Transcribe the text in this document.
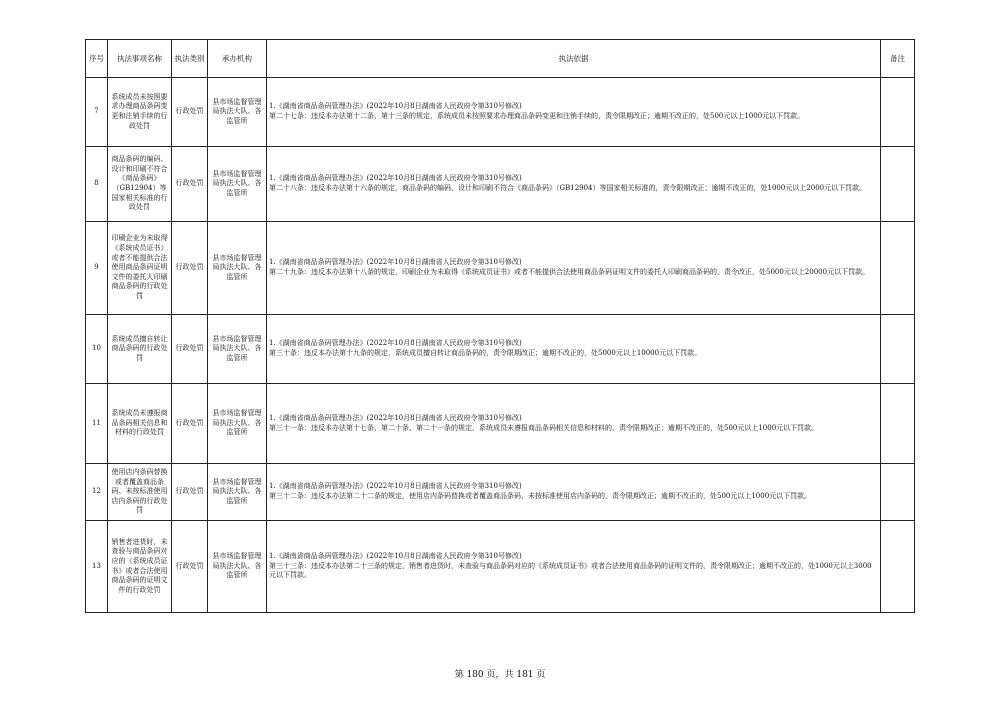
序号	执法事项名称	执法类别	承办机构	执法依据	备注
7	系统成员未按照要求办理商品条码变更和注销手续的行政处罚	行政处罚	县市场监督管理局执法大队、各监管所	1.《湖南省商品条码管理办法》(2022年10月8日湖南省人民政府令第310号修改)
第二十七条：违反本办法第十二条、第十三条的规定，系统成员未按照要求办理商品条码变更和注销手续的，责令限期改正；逾期不改正的，处500元以上1000元以下罚款。	

8	商品条码的编码、设计和印刷不符合《商品条码》（GB12904）等国家相关标准的行政处罚	行政处罚	县市场监督管理局执法大队、各监管所	1.《湖南省商品条码管理办法》(2022年10月8日湖南省人民政府令第310号修改)
第二十八条：违反本办法第十六条的规定，商品条码的编码、设计和印刷不符合《商品条码》（GB12904）等国家相关标准的，责令限期改正；逾期不改正的，处1000元以上2000元以下罚款。	

9	印刷企业为未取得《系统成员证书》或者不能提供合法使用商品条码证明文件的委托人印刷商品条码的行政处罚	行政处罚	县市场监督管理局执法大队、各监管所	1.《湖南省商品条码管理办法》(2022年10月8日湖南省人民政府令第310号修改)
第二十九条：违反本办法第十八条的规定，印刷企业为未取得《系统成员证书》或者不能提供合法使用商品条码证明文件的委托人印刷商品条码的，责令改正，处5000元以上20000元以下罚款。	

10	系统成员擅自转让商品条码的行政处罚	行政处罚	县市场监督管理局执法大队、各监管所	1.《湖南省商品条码管理办法》(2022年10月8日湖南省人民政府令第310号修改)
第三十条：违反本办法第十九条的规定，系统成员擅自转让商品条码的，责令限期改正；逾期不改正的，处5000元以上10000元以下罚款。	

11	系统成员未遵报商品条码相关信息和材料的行政处罚	行政处罚	县市场监督管理局执法大队、各监管所	1.《湖南省商品条码管理办法》(2022年10月8日湖南省人民政府令第310号修改)
第三十一条：违反本办法第十七条、第二十条、第二十一条的规定，系统成员未遵报商品条码相关信息和材料的，责令限期改正；逾期不改正的，处500元以上1000元以下罚款。	

12	使用店内条码替换或者覆盖商品条码、未按标准使用店内条码的行政处罚	行政处罚	县市场监督管理局执法大队、各监管所	1.《湖南省商品条码管理办法》(2022年10月8日湖南省人民政府令第310号修改)
第三十二条：违反本办法第二十二条的规定，使用店内条码替换或者覆盖商品条码、未按标准使用店内条码的，责令限期改正；逾期不改正的，处500元以上1000元以下罚款。	

13	销售者进货时，未查验与商品条码对应的《系统成员证书》或者合法使用商品条码的证明文件的行政处罚	行政处罚	县市场监督管理局执法大队、各监管所	1.《湖南省商品条码管理办法》(2022年10月8日湖南省人民政府令第310号修改)
第三十三条：违反本办法第二十三条的规定，销售者进货时，未查验与商品条码对应的《系统成员证书》或者合法使用商品条码的证明文件的，责令限期改正；逾期不改正的，处1000元以上3000元以下罚款。	

第 180 页，共 181 页
